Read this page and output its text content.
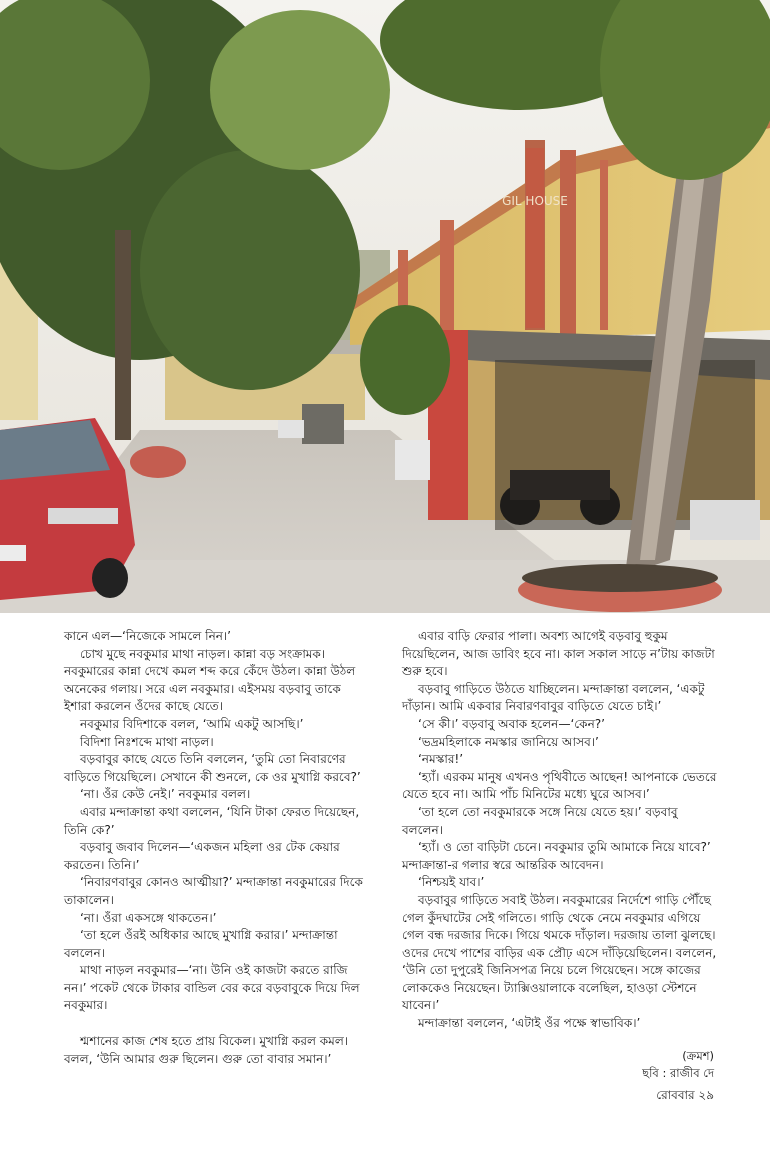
GIL HOUSE

কানে এল—‘নিজেকে সামলে নিন।’

চোখ মুছে নবকুমার মাথা নাড়ল। কান্না বড় সংক্রামক। নবকুমারের কান্না দেখে কমল শব্দ করে কেঁদে উঠল। কান্না উঠল অনেকের গলায়। সরে এল নবকুমার। এইসময় বড়বাবু তাকে ইশারা করলেন ওঁদের কাছে যেতে।

নবকুমার বিদিশাকে বলল, ‘আমি একটু আসছি।’

বিদিশা নিঃশব্দে মাথা নাড়ল।

বড়বাবুর কাছে যেতে তিনি বললেন, ‘তুমি তো নিবারণের বাড়িতে গিয়েছিলে। সেখানে কী শুনলে, কে ওর মুখাগ্নি করবে?’

‘না। ওঁর কেউ নেই।’ নবকুমার বলল।

এবার মন্দাক্রান্তা কথা বললেন, ‘যিনি টাকা ফেরত দিয়েছেন, তিনি কে?’

বড়বাবু জবাব দিলেন—‘একজন মহিলা ওর টেক কেয়ার করতেন। তিনি।’

‘নিবারণবাবুর কোনও আত্মীয়া?’ মন্দাক্রান্তা নবকুমারের দিকে তাকালেন।

‘না। ওঁরা একসঙ্গে থাকতেন।’

‘তা হলে ওঁরই অধিকার আছে মুখাগ্নি করার।’ মন্দাক্রান্তা বললেন।

মাথা নাড়ল নবকুমার—‘না। উনি ওই কাজটা করতে রাজি নন।’ পকেট থেকে টাকার বান্ডিল বের করে বড়বাবুকে দিয়ে দিল নবকুমার।

শ্মশানের কাজ শেষ হতে প্রায় বিকেল। মুখাগ্নি করল কমল। বলল, ‘উনি আমার গুরু ছিলেন। গুরু তো বাবার সমান।’

এবার বাড়ি ফেরার পালা। অবশ্য আগেই বড়বাবু হুকুম দিয়েছিলেন, আজ ডাবিং হবে না। কাল সকাল সাড়ে ন’টায় কাজটা শুরু হবে।

বড়বাবু গাড়িতে উঠতে যাচ্ছিলেন। মন্দাক্রান্তা বললেন, ‘একটু দাঁড়ান। আমি একবার নিবারণবাবুর বাড়িতে যেতে চাই।’

‘সে কী।’ বড়বাবু অবাক হলেন—‘কেন?’

‘ভদ্রমহিলাকে নমস্কার জানিয়ে আসব।’

‘নমস্কার!’

‘হ্যাঁ। এরকম মানুষ এখনও পৃথিবীতে আছেন! আপনাকে ভেতরে যেতে হবে না। আমি পাঁচ মিনিটের মধ্যে ঘুরে আসব।’

‘তা হলে তো নবকুমারকে সঙ্গে নিয়ে যেতে হয়।’ বড়বাবু বললেন।

‘হ্যাঁ। ও তো বাড়িটা চেনে। নবকুমার তুমি আমাকে নিয়ে যাবে?’ মন্দাক্রান্তা-র গলার স্বরে আন্তরিক আবেদন।

‘নিশ্চয়ই যাব।’

বড়বাবুর গাড়িতে সবাই উঠল। নবকুমারের নির্দেশে গাড়ি পৌঁছে গেল কুঁদঘাটের সেই গলিতে। গাড়ি থেকে নেমে নবকুমার এগিয়ে গেল বন্ধ দরজার দিকে। গিয়ে থমকে দাঁড়াল। দরজায় তালা ঝুলছে। ওদের দেখে পাশের বাড়ির এক প্রৌঢ় এসে দাঁড়িয়েছিলেন। বললেন, ‘উনি তো দুপুরেই জিনিসপত্র নিয়ে চলে গিয়েছেন। সঙ্গে কাজের লোককেও নিয়েছেন। ট্যাক্সিওয়ালাকে বলেছিল, হাওড়া স্টেশনে যাবেন।’

মন্দাক্রান্তা বললেন, ‘এটাই ওঁর পক্ষে স্বাভাবিক।’

(ক্রমশ)
ছবি : রাজীব দে
রোববার ২৯
